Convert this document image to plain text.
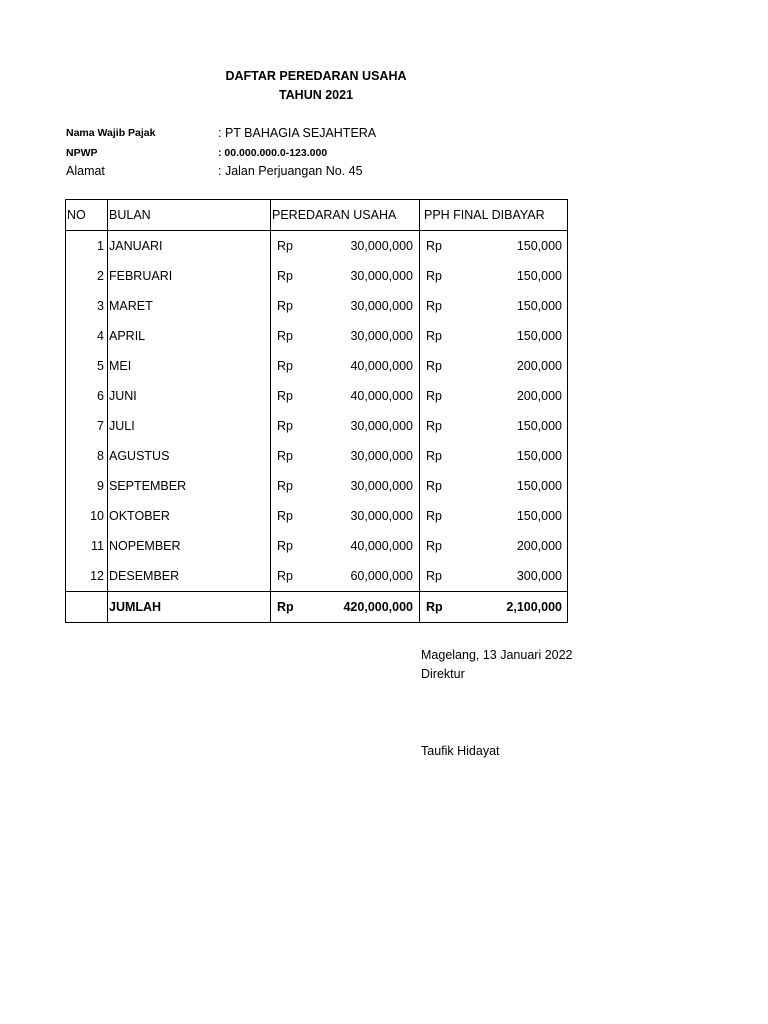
DAFTAR PEREDARAN USAHA
TAHUN 2021
Nama Wajib Pajak	: PT BAHAGIA SEJAHTERA
NPWP	: 00.000.000.0-123.000
Alamat	: Jalan Perjuangan No. 45
NO	BULAN	PEREDARAN USAHA		PPH FINAL DIBAYAR	
1	JANUARI	Rp	30,000,000	Rp	150,000
2	FEBRUARI	Rp	30,000,000	Rp	150,000
3	MARET	Rp	30,000,000	Rp	150,000
4	APRIL	Rp	30,000,000	Rp	150,000
5	MEI	Rp	40,000,000	Rp	200,000
6	JUNI	Rp	40,000,000	Rp	200,000
7	JULI	Rp	30,000,000	Rp	150,000
8	AGUSTUS	Rp	30,000,000	Rp	150,000
9	SEPTEMBER	Rp	30,000,000	Rp	150,000
10	OKTOBER	Rp	30,000,000	Rp	150,000
11	NOPEMBER	Rp	40,000,000	Rp	200,000
12	DESEMBER	Rp	60,000,000	Rp	300,000
	JUMLAH	Rp	420,000,000	Rp	2,100,000
Magelang, 13 Januari 2022
Direktur
Taufik Hidayat
